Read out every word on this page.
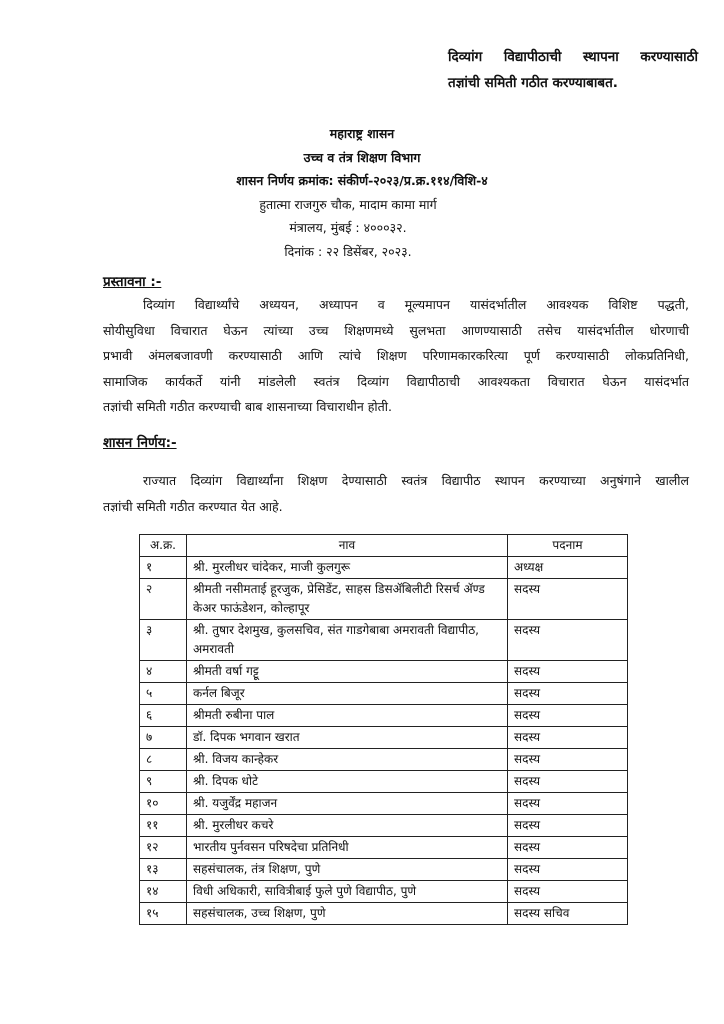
दिव्यांग विद्यापीठाची स्थापना करण्यासाठी
तज्ञांची समिती गठीत करण्याबाबत.
महाराष्ट्र शासन
उच्च व तंत्र शिक्षण विभाग
शासन निर्णय क्रमांक: संकीर्ण-२०२३/प्र.क्र.११४/विशि-४
हुतात्मा राजगुरु चौक, मादाम कामा मार्ग
मंत्रालय, मुंबई : ४०००३२.
दिनांक : २२ डिसेंबर, २०२३.
प्रस्तावना :-
दिव्यांग विद्यार्थ्यांचे अध्ययन, अध्यापन व मूल्यमापन यासंदर्भातील आवश्यक विशिष्ट पद्धती,
सोयीसुविधा विचारात घेऊन त्यांच्या उच्च शिक्षणमध्ये सुलभता आणण्यासाठी तसेच यासंदर्भातील धोरणाची
प्रभावी अंमलबजावणी करण्यासाठी आणि त्यांचे शिक्षण परिणामकारकरित्या पूर्ण करण्यासाठी लोकप्रतिनिधी,
सामाजिक कार्यकर्ते यांनी मांडलेली स्वतंत्र दिव्यांग विद्यापीठाची आवश्यकता विचारात घेऊन यासंदर्भात
तज्ञांची समिती गठीत करण्याची बाब शासनाच्या विचाराधीन होती.
शासन निर्णय:-
राज्यात दिव्यांग विद्यार्थ्यांना शिक्षण देण्यासाठी स्वतंत्र विद्यापीठ स्थापन करण्याच्या अनुषंगाने खालील
तज्ञांची समिती गठीत करण्यात येत आहे.
अ.क्र.	नाव	पदनाम
१	श्री. मुरलीधर चांदेकर, माजी कुलगुरू	अध्यक्ष
२	श्रीमती नसीमताई हूरजुक, प्रेसिडेंट, साहस डिसॲबिलीटी रिसर्च ॲण्ड केअर फाऊंडेशन, कोल्हापूर	सदस्य
३	श्री. तुषार देशमुख, कुलसचिव, संत गाडगेबाबा अमरावती विद्यापीठ, अमरावती	सदस्य
४	श्रीमती वर्षा गट्टू	सदस्य
५	कर्नल बिजूर	सदस्य
६	श्रीमती रुबीना पाल	सदस्य
७	डॉ. दिपक भगवान खरात	सदस्य
८	श्री. विजय कान्हेकर	सदस्य
९	श्री. दिपक धोटे	सदस्य
१०	श्री. यजुर्वेंद्र महाजन	सदस्य
११	श्री. मुरलीधर कचरे	सदस्य
१२	भारतीय पुर्नवसन परिषदेचा प्रतिनिधी	सदस्य
१३	सहसंचालक, तंत्र शिक्षण, पुणे	सदस्य
१४	विधी अधिकारी, सावित्रीबाई फुले पुणे विद्यापीठ, पुणे	सदस्य
१५	सहसंचालक, उच्च शिक्षण, पुणे	सदस्य सचिव
